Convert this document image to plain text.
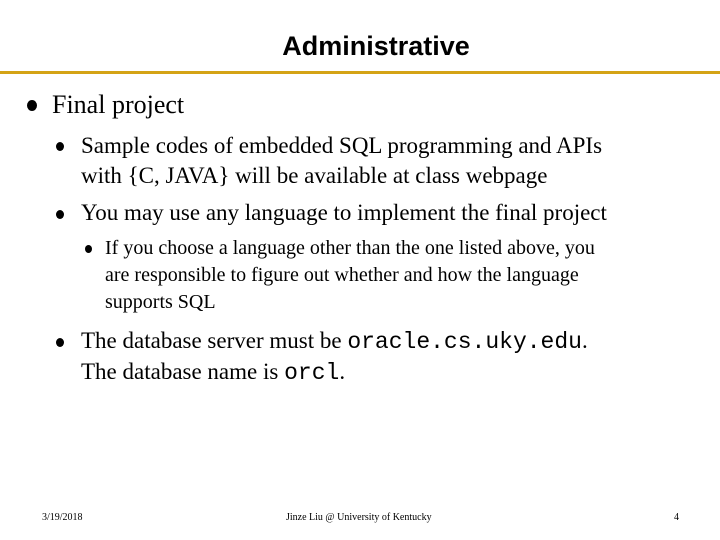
Administrative
Final project
Sample codes of embedded SQL programming and APIs
with {C, JAVA} will be available at class webpage
You may use any language to implement the final project
If you choose a language other than the one listed above, you
are responsible to figure out whether and how the language
supports SQL
The database server must be oracle.cs.uky.edu.
The database name is orcl.
3/19/2018	Jinze Liu @ University of Kentucky	4
